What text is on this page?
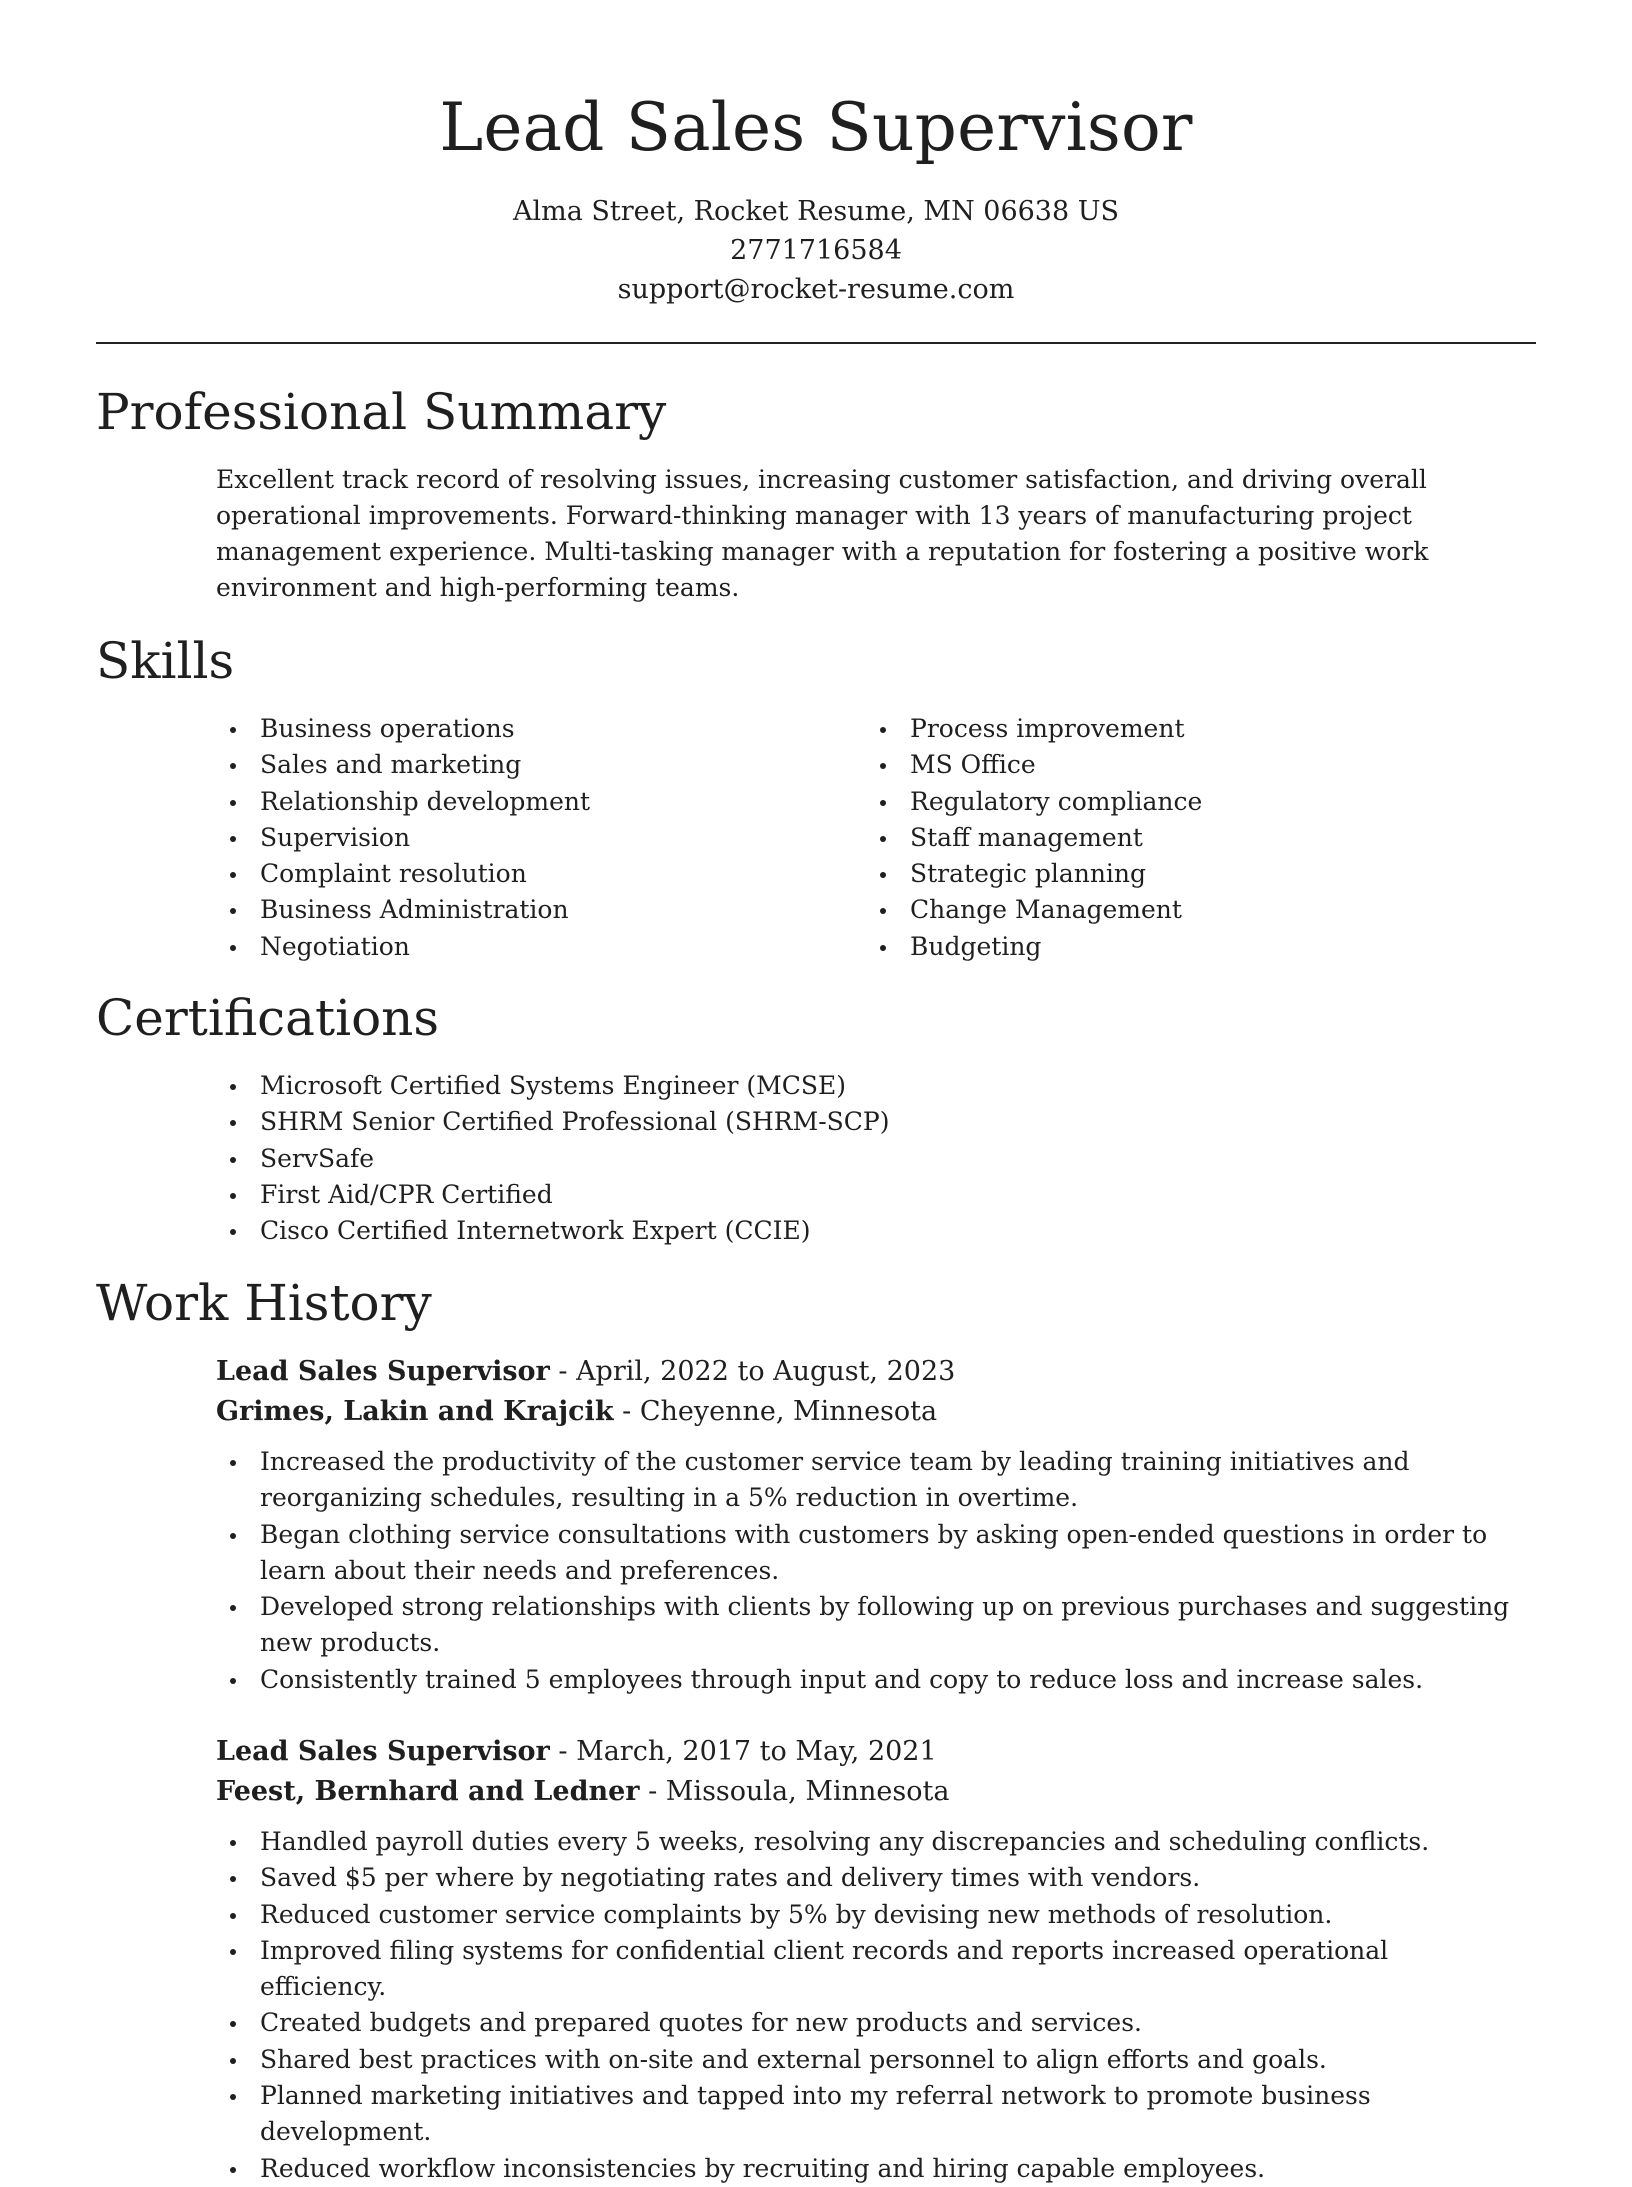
Lead Sales Supervisor
Alma Street, Rocket Resume, MN 06638 US
2771716584
support@rocket-resume.com
Professional Summary

Excellent track record of resolving issues, increasing customer satisfaction, and driving overall operational improvements. Forward-thinking manager with 13 years of manufacturing project management experience. Multi-tasking manager with a reputation for fostering a positive work environment and high-performing teams.

Skills
Business operations
Sales and marketing
Relationship development
Supervision
Complaint resolution
Business Administration
Negotiation
Process improvement
MS Office
Regulatory compliance
Staff management
Strategic planning
Change Management
Budgeting
Certifications
Microsoft Certified Systems Engineer (MCSE)
SHRM Senior Certified Professional (SHRM-SCP)
ServSafe
First Aid/CPR Certified
Cisco Certified Internetwork Expert (CCIE)
Work History
Lead Sales Supervisor - April, 2022 to August, 2023
Grimes, Lakin and Krajcik - Cheyenne, Minnesota
Increased the productivity of the customer service team by leading training initiatives and reorganizing schedules, resulting in a 5% reduction in overtime.
Began clothing service consultations with customers by asking open-ended questions in order to learn about their needs and preferences.
Developed strong relationships with clients by following up on previous purchases and suggesting new products.
Consistently trained 5 employees through input and copy to reduce loss and increase sales.
Lead Sales Supervisor - March, 2017 to May, 2021
Feest, Bernhard and Ledner - Missoula, Minnesota
Handled payroll duties every 5 weeks, resolving any discrepancies and scheduling conflicts.
Saved $5 per where by negotiating rates and delivery times with vendors.
Reduced customer service complaints by 5% by devising new methods of resolution.
Improved filing systems for confidential client records and reports increased operational efficiency.
Created budgets and prepared quotes for new products and services.
Shared best practices with on-site and external personnel to align efforts and goals.
Planned marketing initiatives and tapped into my referral network to promote business development.
Reduced workflow inconsistencies by recruiting and hiring capable employees.
